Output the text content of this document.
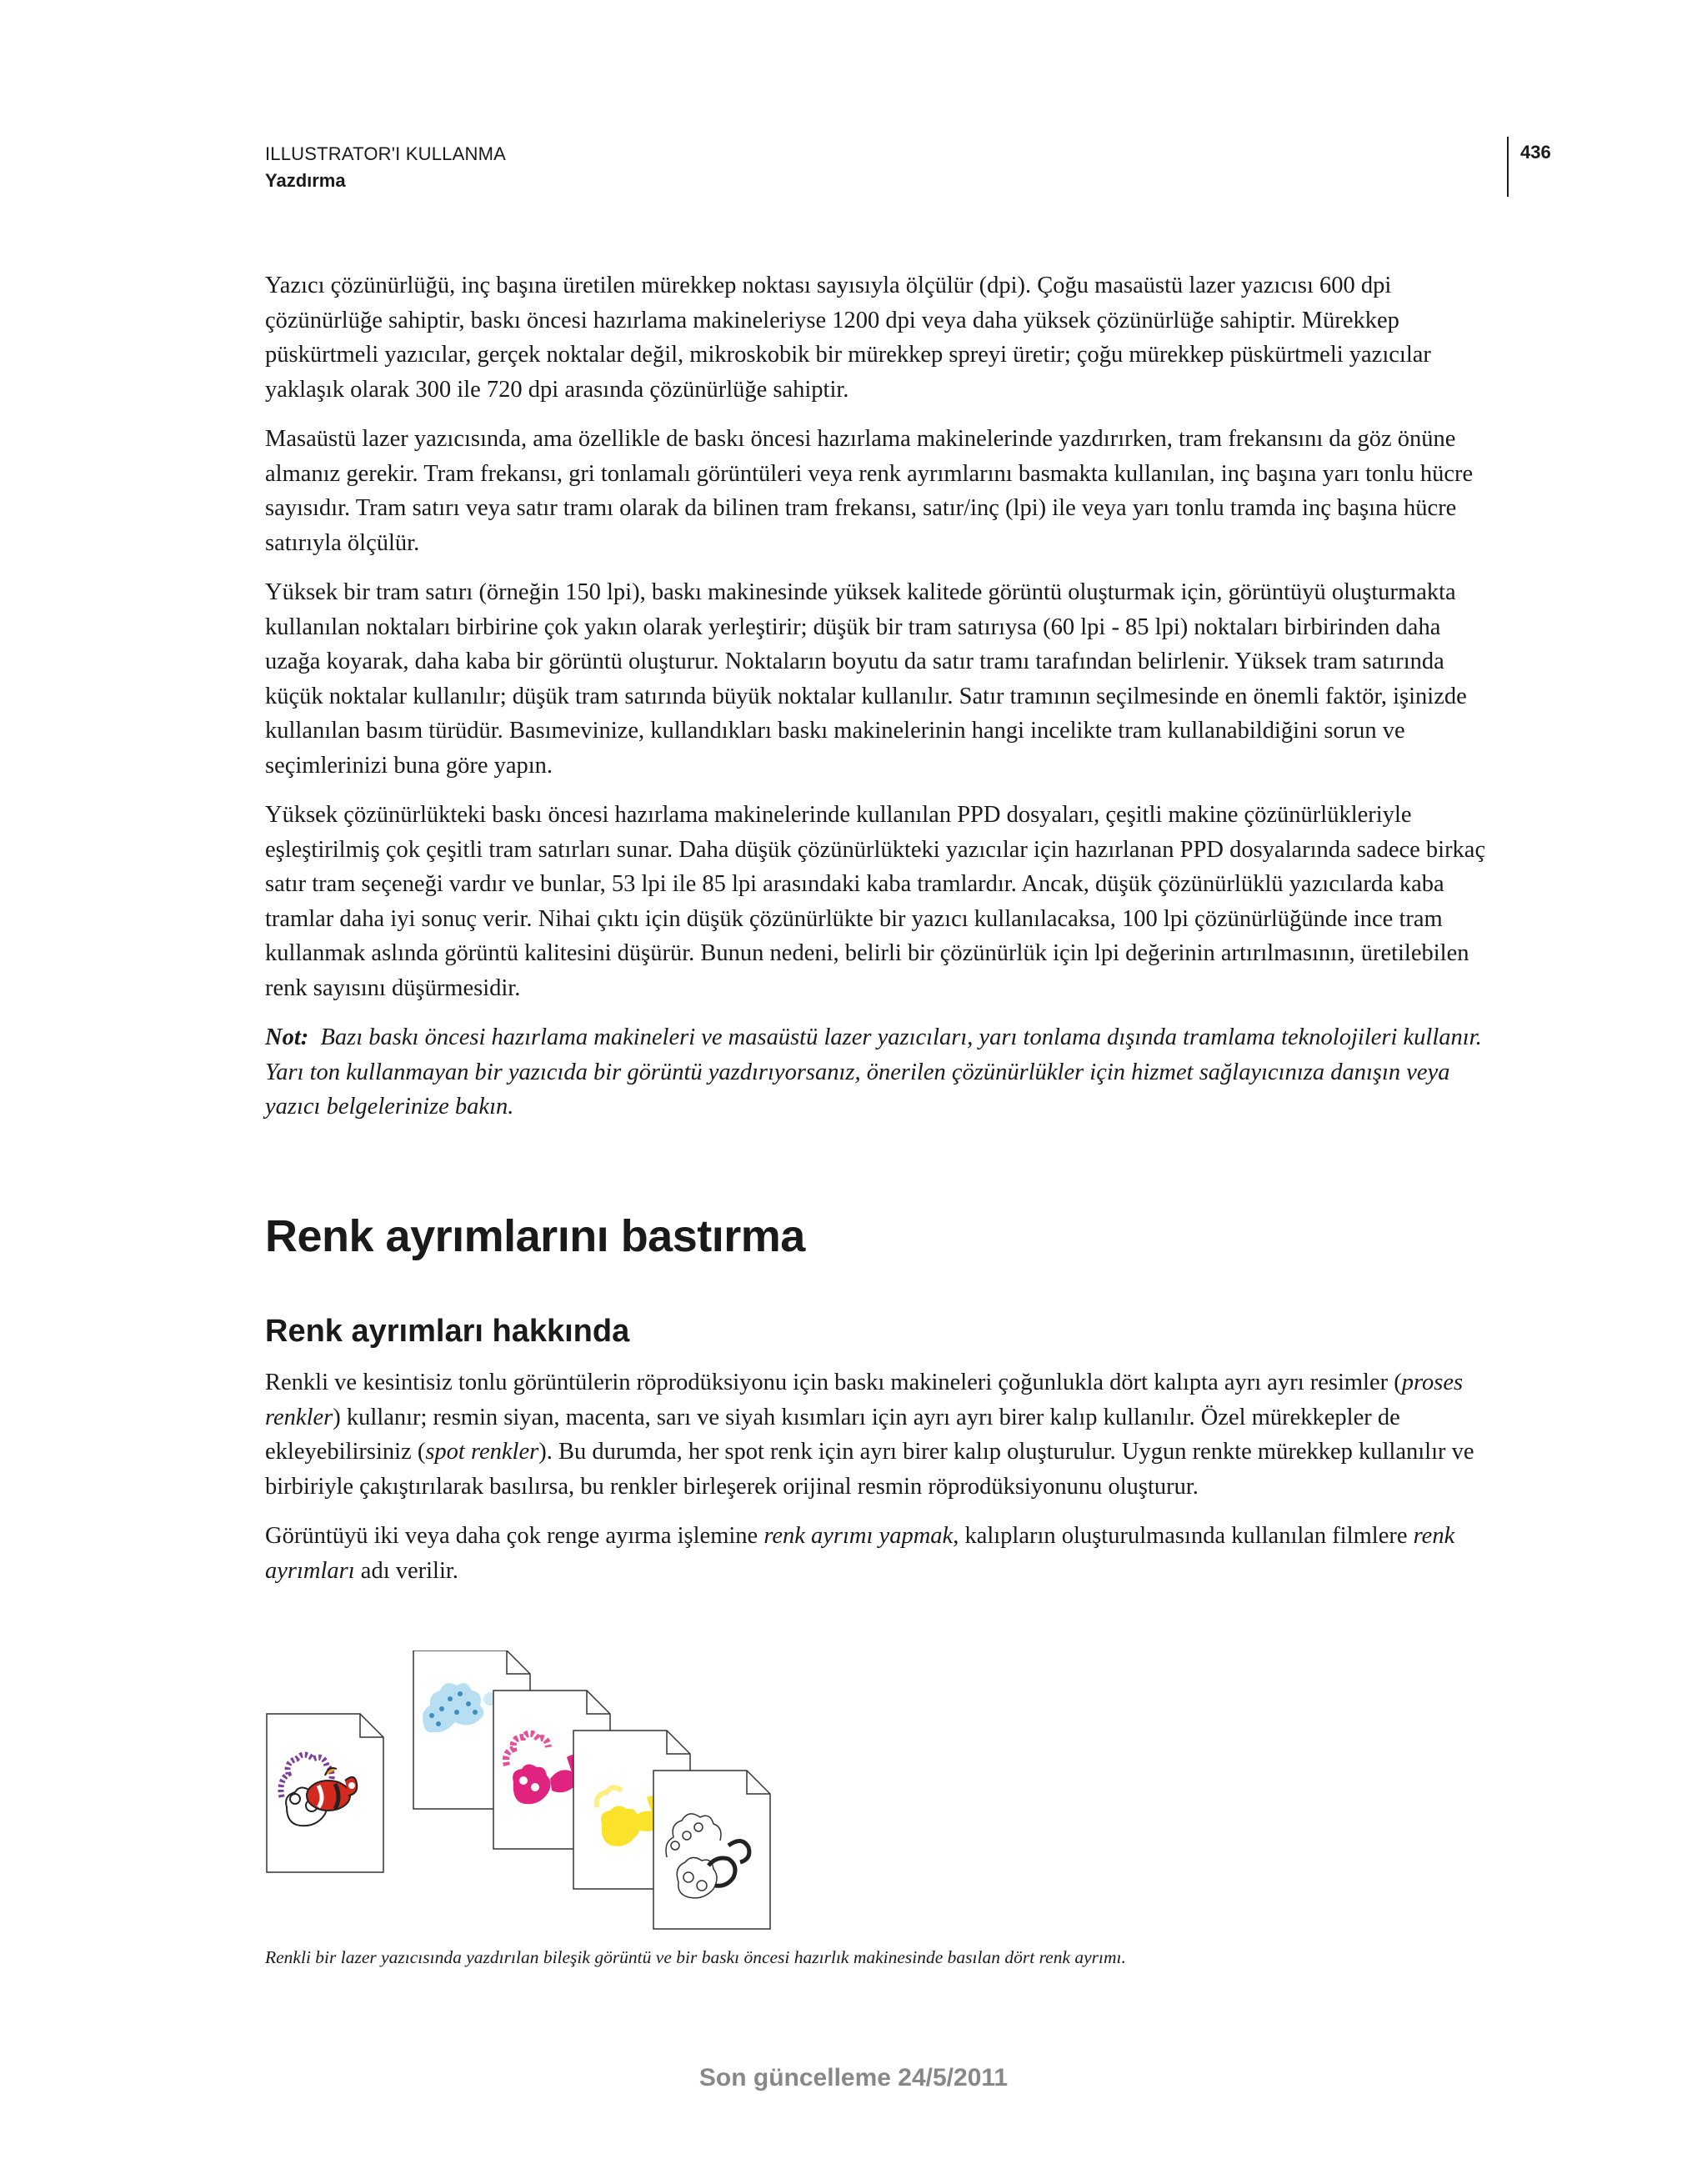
ILLUSTRATOR'I KULLANMA
Yazdırma
436

Yazıcı çözünürlüğü, inç başına üretilen mürekkep noktası sayısıyla ölçülür (dpi). Çoğu masaüstü lazer yazıcısı 600 dpi çözünürlüğe sahiptir, baskı öncesi hazırlama makineleriyse 1200 dpi veya daha yüksek çözünürlüğe sahiptir. Mürekkep püskürtmeli yazıcılar, gerçek noktalar değil, mikroskobik bir mürekkep spreyi üretir; çoğu mürekkep püskürtmeli yazıcılar yaklaşık olarak 300 ile 720 dpi arasında çözünürlüğe sahiptir.

Masaüstü lazer yazıcısında, ama özellikle de baskı öncesi hazırlama makinelerinde yazdırırken, tram frekansını da göz önüne almanız gerekir. Tram frekansı, gri tonlamalı görüntüleri veya renk ayrımlarını basmakta kullanılan, inç başına yarı tonlu hücre sayısıdır. Tram satırı veya satır tramı olarak da bilinen tram frekansı, satır/inç (lpi) ile veya yarı tonlu tramda inç başına hücre satırıyla ölçülür.

Yüksek bir tram satırı (örneğin 150 lpi), baskı makinesinde yüksek kalitede görüntü oluşturmak için, görüntüyü oluşturmakta kullanılan noktaları birbirine çok yakın olarak yerleştirir; düşük bir tram satırıysa (60 lpi - 85 lpi) noktaları birbirinden daha uzağa koyarak, daha kaba bir görüntü oluşturur. Noktaların boyutu da satır tramı tarafından belirlenir. Yüksek tram satırında küçük noktalar kullanılır; düşük tram satırında büyük noktalar kullanılır. Satır tramının seçilmesinde en önemli faktör, işinizde kullanılan basım türüdür. Basımevinize, kullandıkları baskı makinelerinin hangi incelikte tram kullanabildiğini sorun ve seçimlerinizi buna göre yapın.

Yüksek çözünürlükteki baskı öncesi hazırlama makinelerinde kullanılan PPD dosyaları, çeşitli makine çözünürlükleriyle eşleştirilmiş çok çeşitli tram satırları sunar. Daha düşük çözünürlükteki yazıcılar için hazırlanan PPD dosyalarında sadece birkaç satır tram seçeneği vardır ve bunlar, 53 lpi ile 85 lpi arasındaki kaba tramlardır. Ancak, düşük çözünürlüklü yazıcılarda kaba tramlar daha iyi sonuç verir. Nihai çıktı için düşük çözünürlükte bir yazıcı kullanılacaksa, 100 lpi çözünürlüğünde ince tram kullanmak aslında görüntü kalitesini düşürür. Bunun nedeni, belirli bir çözünürlük için lpi değerinin artırılmasının, üretilebilen renk sayısını düşürmesidir.

Not: Bazı baskı öncesi hazırlama makineleri ve masaüstü lazer yazıcıları, yarı tonlama dışında tramlama teknolojileri kullanır. Yarı ton kullanmayan bir yazıcıda bir görüntü yazdırıyorsanız, önerilen çözünürlükler için hizmet sağlayıcınıza danışın veya yazıcı belgelerinize bakın.

Renk ayrımlarını bastırma
Renk ayrımları hakkında

Renkli ve kesintisiz tonlu görüntülerin röprodüksiyonu için baskı makineleri çoğunlukla dört kalıpta ayrı ayrı resimler (proses renkler) kullanır; resmin siyan, macenta, sarı ve siyah kısımları için ayrı ayrı birer kalıp kullanılır. Özel mürekkepler de ekleyebilirsiniz (spot renkler). Bu durumda, her spot renk için ayrı birer kalıp oluşturulur. Uygun renkte mürekkep kullanılır ve birbiriyle çakıştırılarak basılırsa, bu renkler birleşerek orijinal resmin röprodüksiyonunu oluşturur.

Görüntüyü iki veya daha çok renge ayırma işlemine renk ayrımı yapmak, kalıpların oluşturulmasında kullanılan filmlere renk ayrımları adı verilir.

Renkli bir lazer yazıcısında yazdırılan bileşik görüntü ve bir baskı öncesi hazırlık makinesinde basılan dört renk ayrımı.
Son güncelleme 24/5/2011
